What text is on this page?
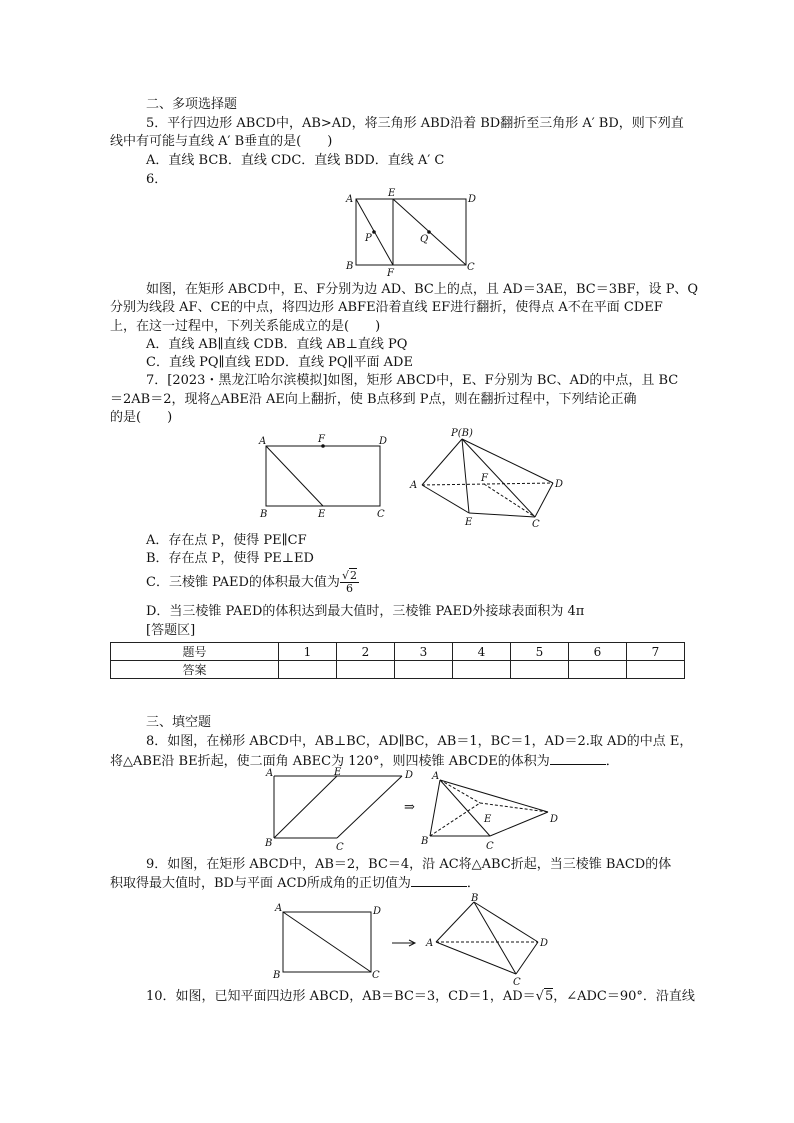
二、多项选择题
5．平行四边形 ABCD中，AB>AD，将三角形 ABD沿着 BD翻折至三角形 A′ BD，则下列直
线中有可能与直线 A′ B垂直的是(　　)
A．直线 BCB．直线 CDC．直线 BDD．直线 A′ C
6．
A
E
D
P	Q
B
F
C
如图，在矩形 ABCD中，E、F分别为边 AD、BC上的点，且 AD＝3AE，BC＝3BF，设 P、Q
分别为线段 AF、CE的中点，将四边形 ABFE沿着直线 EF进行翻折，使得点 A不在平面 CDEF
上，在这一过程中，下列关系能成立的是(　　)
A．直线 AB∥直线 CDB．直线 AB⊥直线 PQ
C．直线 PQ∥直线 EDD．直线 PQ∥平面 ADE
7．[2023・黑龙江哈尔滨模拟]如图，矩形 ABCD中，E、F分别为 BC、AD的中点，且 BC
＝2AB＝2，现将△ABE沿 AE向上翻折，使 B点移到 P点，则在翻折过程中，下列结论正确
的是(　　)
A	F	D
B	E	C
P(B)
A
F
D
E	C
A．存在点 P，使得 PE∥CF
B．存在点 P，使得 PE⊥ED
C．三棱锥 PAED的体积最大值为 $\frac{√2}{6}$
D．当三棱锥 PAED的体积达到最大值时，三棱锥 PAED外接球表面积为 4π
[答题区]
题号	1	2	3	4	5	6	7
答案							
三、填空题
8．如图，在梯形 ABCD中，AB⊥BC，AD∥BC，AB＝1，BC＝1，AD＝2.取 AD的中点 E，
将△ABE沿 BE折起，使二面角 ABEC为 120°，则四棱锥 ABCDE的体积为	．
A	E	D
B	C
⇒
A
E	D
B	C
9．如图，在矩形 ABCD中，AB＝2，BC＝4，沿 AC将△ABC折起，当三棱锥 BACD的体
积取得最大值时，BD与平面 ACD所成角的正切值为	．
A	D
B	C
B
A	D
C
10．如图，已知平面四边形 ABCD，AB＝BC＝3，CD＝1，AD＝√5，∠ADC＝90°．沿直线
